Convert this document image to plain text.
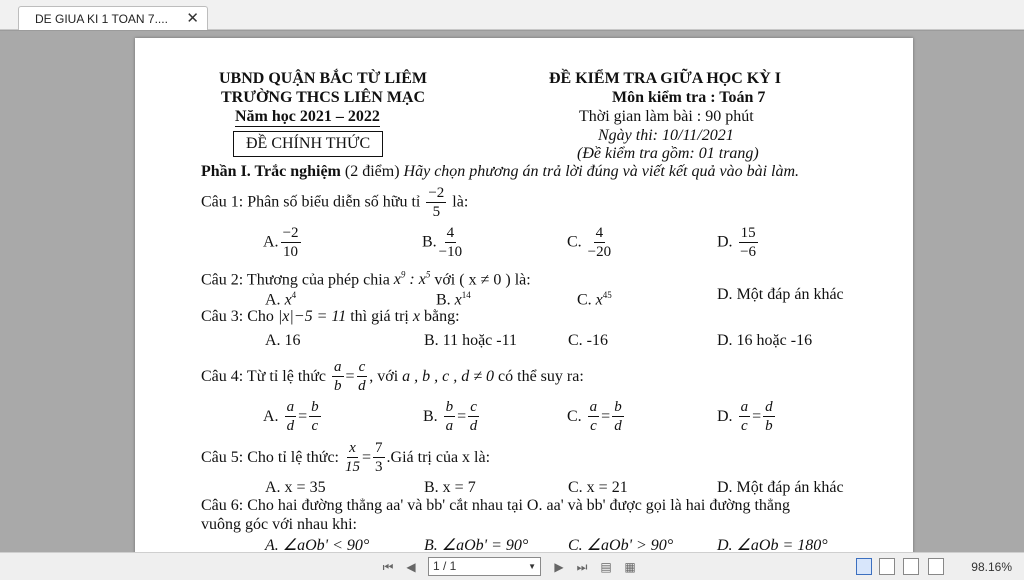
DE GIUA KI 1 TOAN 7.... ✕
UBND QUẬN BẮC TỪ LIÊM
TRƯỜNG THCS LIÊN MẠC
Năm học 2021 – 2022
ĐỀ CHÍNH THỨC
ĐỀ KIỂM TRA GIỮA HỌC KỲ I
Môn kiểm tra : Toán 7
Thời gian làm bài : 90 phút
Ngày thi: 10/11/2021
(Đề kiểm tra gồm: 01 trang)
Phần I. Trắc nghiệm (2 điểm) Hãy chọn phương án trả lời đúng và viết kết quả vào bài làm.
Câu 1: Phân số biểu diễn số hữu tỉ $\frac{-2}{5}$ là:
A. $\frac{-2}{10}$	B. $\frac{4}{-10}$	C. $\frac{4}{-20}$	D. $\frac{15}{-6}$
Câu 2: Thương của phép chia $x^9$ : $x^5$ với ( x ≠ 0 ) là:
A. $x^4$	B. $x^{14}$	C. $x^{45}$	D. Một đáp án khác
Câu 3: Cho |x|−5 = 11 thì giá trị x bằng:
A. 16	B. 11 hoặc -11	C. -16	D. 16 hoặc -16
Câu 4: Từ tỉ lệ thức $\frac{a}{b} = \frac{c}{d}$ , với a , b , c , d ≠ 0 có thể suy ra:
A. $\frac{a}{d} = \frac{b}{c}$	B. $\frac{b}{a} = \frac{c}{d}$	C. $\frac{a}{c} = \frac{b}{d}$	D. $\frac{a}{c} = \frac{d}{b}$
Câu 5: Cho tỉ lệ thức: $\frac{x}{15} = \frac{7}{3}$ .Giá trị của x là:
A. x = 35	B. x = 7	C. x = 21	D. Một đáp án khác
Câu 6: Cho hai đường thẳng aa' và bb' cắt nhau tại O. aa' và bb' được gọi là hai đường thẳng
vuông góc với nhau khi:
A. ∠aOb' < 90°	B. ∠aOb' = 90° C. ∠aOb' > 90°	D. ∠aOb = 180°
⏮ ◀	1 / 1	▼ ▶ ⏭ ▤ ▦	98.16%
